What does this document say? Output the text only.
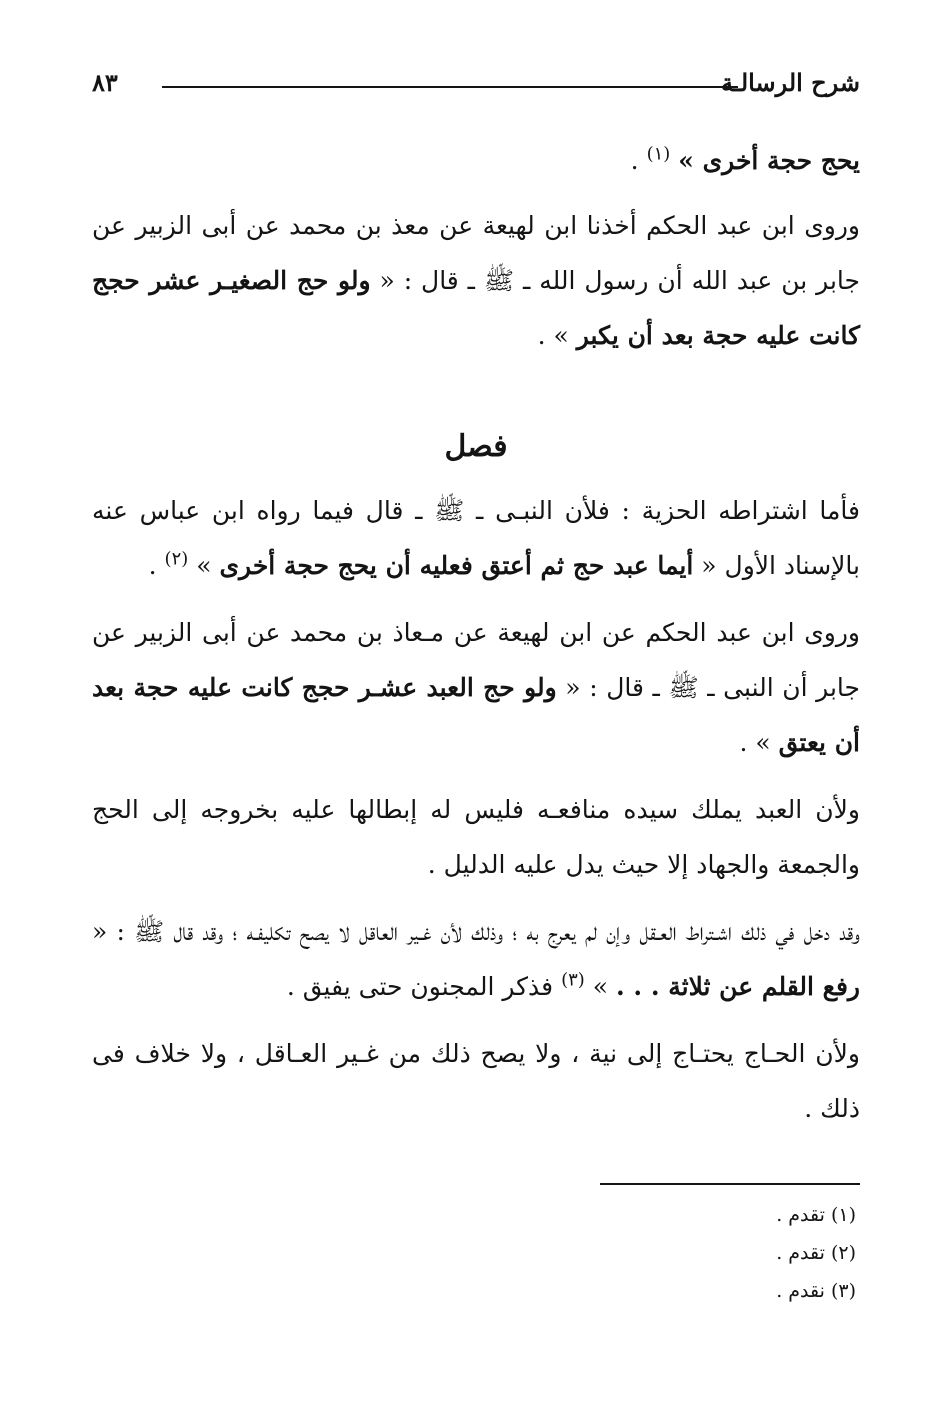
شرح الرسالـة
٨٣

يحج حجة أخرى » $^{(١)}$ .

وروى ابن عبد الحكم أخذنا ابن لهيعة عن معذ بن محمد عن أبى الزبير عن جابر بن عبد الله أن رسول الله ـ ﷺ ـ قال : « ولو حج الصغيـر عشر حجج كانت عليه حجة بعد أن يكبر » .

فصل

فأما اشتراطه الحزية : فلأن النبـى ـ ﷺ ـ قال فيما رواه ابن عباس عنه بالإسناد الأول « أيما عبد حج ثم أعتق فعليه أن يحج حجة أخرى » $^{(٢)}$ .

وروى ابن عبد الحكم عن ابن لهيعة عن مـعاذ بن محمد عن أبى الزبير عن جابر أن النبى ـ ﷺ ـ قال : « ولو حج العبد عشـر حجج كانت عليه حجة بعد أن يعتق » .

ولأن العبد يملك سيده منافعـه فليس له إبطالها عليه بخروجه إلى الحج والجمعة والجهاد إلا حيث يدل عليه الدليل .

وقد دخل في ذلك اشـتراط العـقل وإن لم يعرج به ؛ وذلك لأن غـير العاقل لا يصح تكليفـه ؛ وقد قال ﷺ : « رفع القلم عن ثلاثة . . . » $^{(٣)}$ فذكر المجنون حتى يفيق .

ولأن الحـاج يحتـاج إلى نية ، ولا يصح ذلك من غـير العـاقل ، ولا خلاف فى ذلك .

(١) تقدم .
(٢) تقدم .
(٣) نقدم .
